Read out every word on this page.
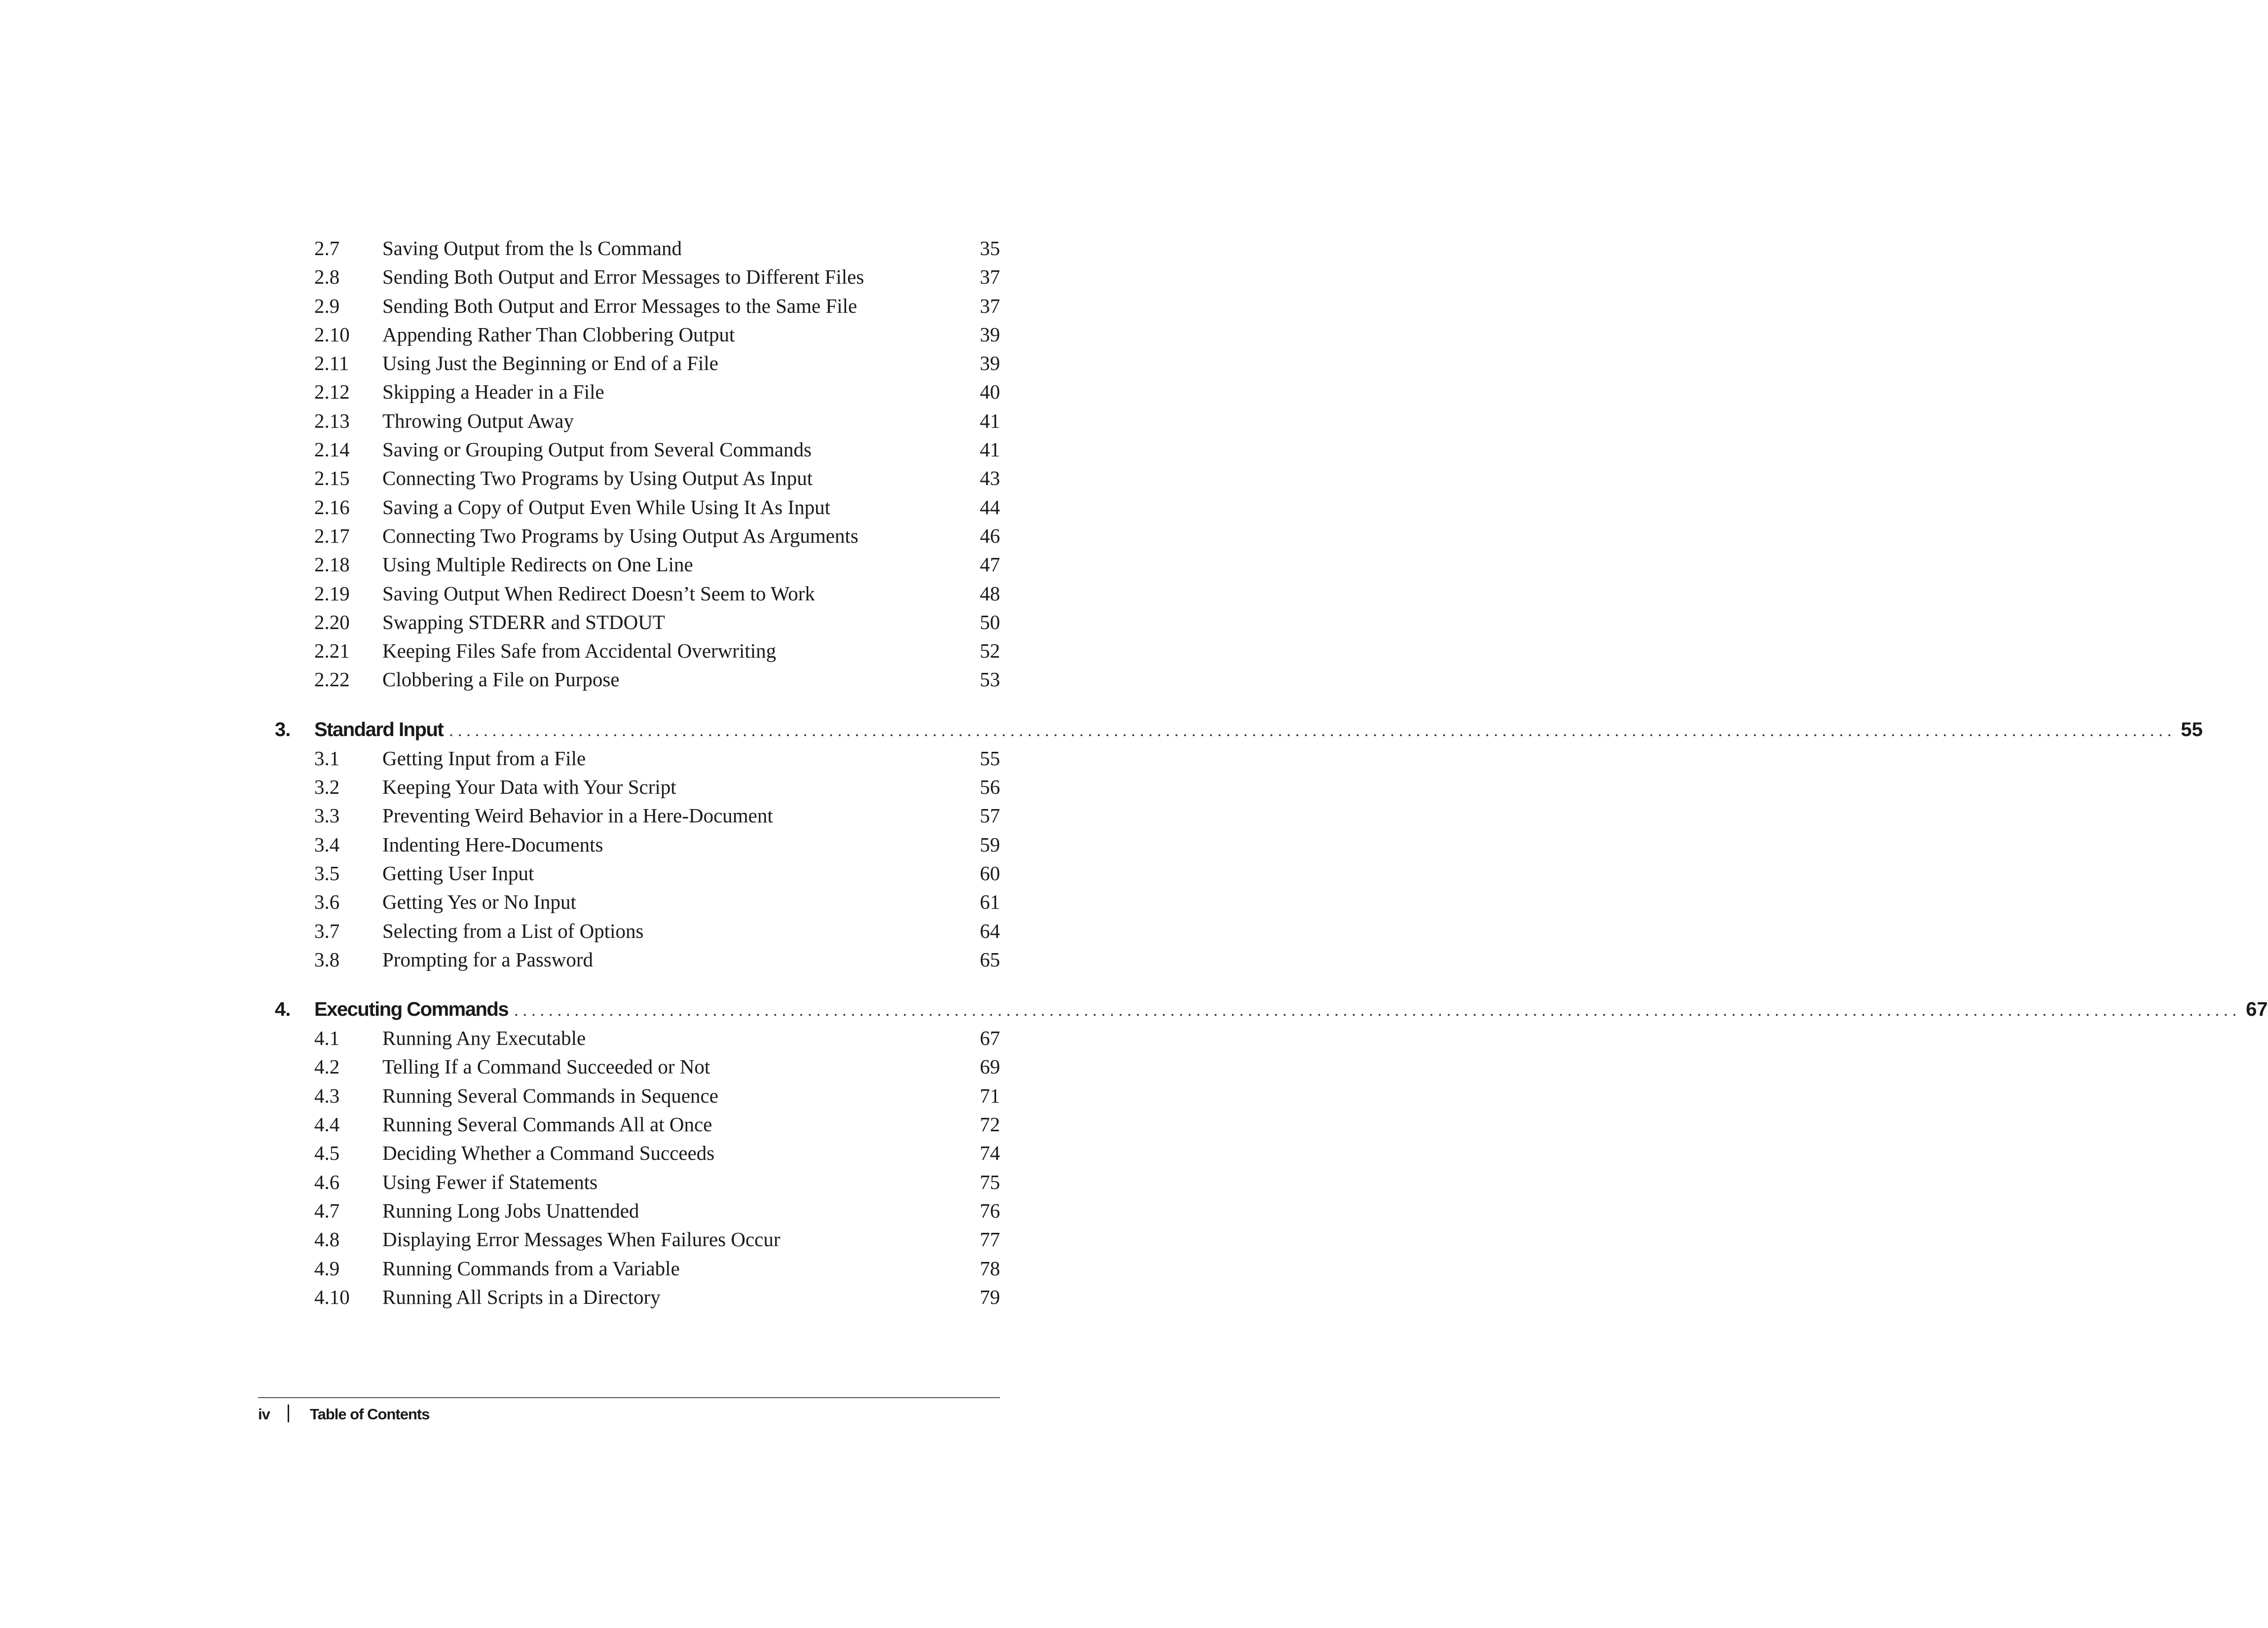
2.7 Saving Output from the ls Command	35
2.8 Sending Both Output and Error Messages to Different Files	37
2.9 Sending Both Output and Error Messages to the Same File	37
2.10 Appending Rather Than Clobbering Output	39
2.11 Using Just the Beginning or End of a File	39
2.12 Skipping a Header in a File	40
2.13 Throwing Output Away	41
2.14 Saving or Grouping Output from Several Commands	41
2.15 Connecting Two Programs by Using Output As Input	43
2.16 Saving a Copy of Output Even While Using It As Input	44
2.17 Connecting Two Programs by Using Output As Arguments	46
2.18 Using Multiple Redirects on One Line	47
2.19 Saving Output When Redirect Doesn’t Seem to Work	48
2.20 Swapping STDERR and STDOUT	50
2.21 Keeping Files Safe from Accidental Overwriting	52
2.22 Clobbering a File on Purpose	53
3.	Standard Input ........................................................................................................................................................................................................ 55
3.1 Getting Input from a File	55
3.2 Keeping Your Data with Your Script	56
3.3 Preventing Weird Behavior in a Here-Document	57
3.4 Indenting Here-Documents	59
3.5 Getting User Input	60
3.6 Getting Yes or No Input	61
3.7 Selecting from a List of Options	64
3.8 Prompting for a Password	65
4.	Executing Commands ........................................................................................................................................................................................................ 67
4.1 Running Any Executable	67
4.2 Telling If a Command Succeeded or Not	69
4.3 Running Several Commands in Sequence	71
4.4 Running Several Commands All at Once	72
4.5 Deciding Whether a Command Succeeds	74
4.6 Using Fewer if Statements	75
4.7 Running Long Jobs Unattended	76
4.8 Displaying Error Messages When Failures Occur	77
4.9 Running Commands from a Variable	78
4.10 Running All Scripts in a Directory	79
iv	Table of Contents
